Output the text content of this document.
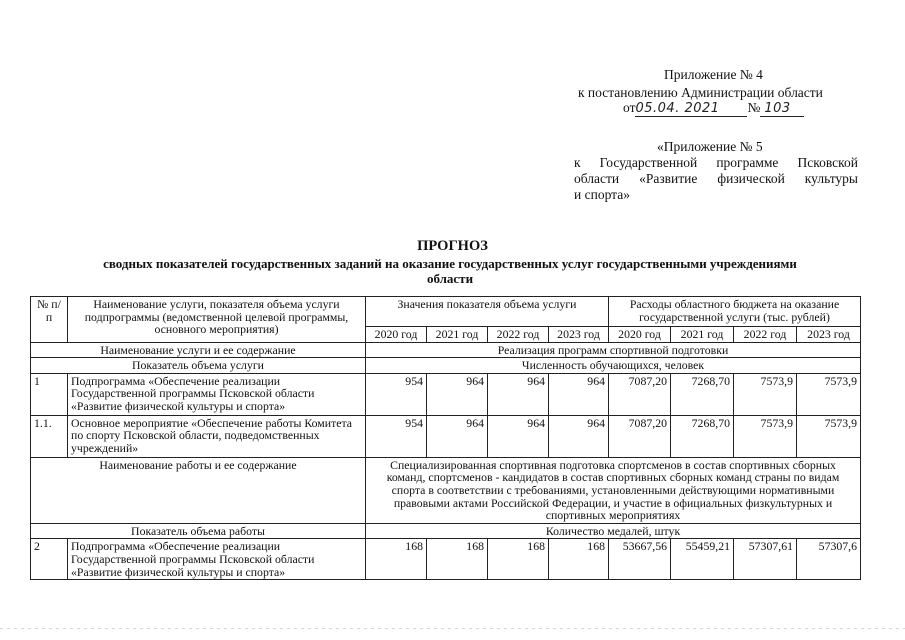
Приложение № 4
к постановлению Администрации области
от05.04. 2021 № 103
«Приложение № 5
к Государственной программе Псковской
области «Развитие физической культуры
и спорта»
ПРОГНОЗ
сводных показателей государственных заданий на оказание государственных услуг государственными учреждениями
области
№ п/п	Наименование услуги, показателя объема услуги подпрограммы (ведомственной целевой программы, основного мероприятия)	Значения показателя объема услуги				Расходы областного бюджета на оказание государственной услуги (тыс. рублей)			
		2020 год	2021 год	2022 год	2023 год	2020 год	2021 год	2022 год	2023 год
Наименование услуги и ее содержание		Реализация программ спортивной подготовки							
Показатель объема услуги		Численность обучающихся, человек							
1	Подпрограмма «Обеспечение реализации Государственной программы Псковской области «Развитие физической культуры и спорта»	954	964	964	964	7087,20	7268,70	7573,9	7573,9
1.1.	Основное мероприятие «Обеспечение работы Комитета по спорту Псковской области, подведомственных учреждений»	954	964	964	964	7087,20	7268,70	7573,9	7573,9
Наименование работы и ее содержание		Специализированная спортивная подготовка спортсменов в состав спортивных сборных команд, спортсменов - кандидатов в состав спортивных сборных команд страны по видам спорта в соответствии с требованиями, установленными действующими нормативными правовыми актами Российской Федерации, и участие в официальных физкультурных и спортивных мероприятиях							
Показатель объема работы		Количество медалей, штук							
2	Подпрограмма «Обеспечение реализации Государственной программы Псковской области «Развитие физической культуры и спорта»	168	168	168	168	53667,56	55459,21	57307,61	57307,6
